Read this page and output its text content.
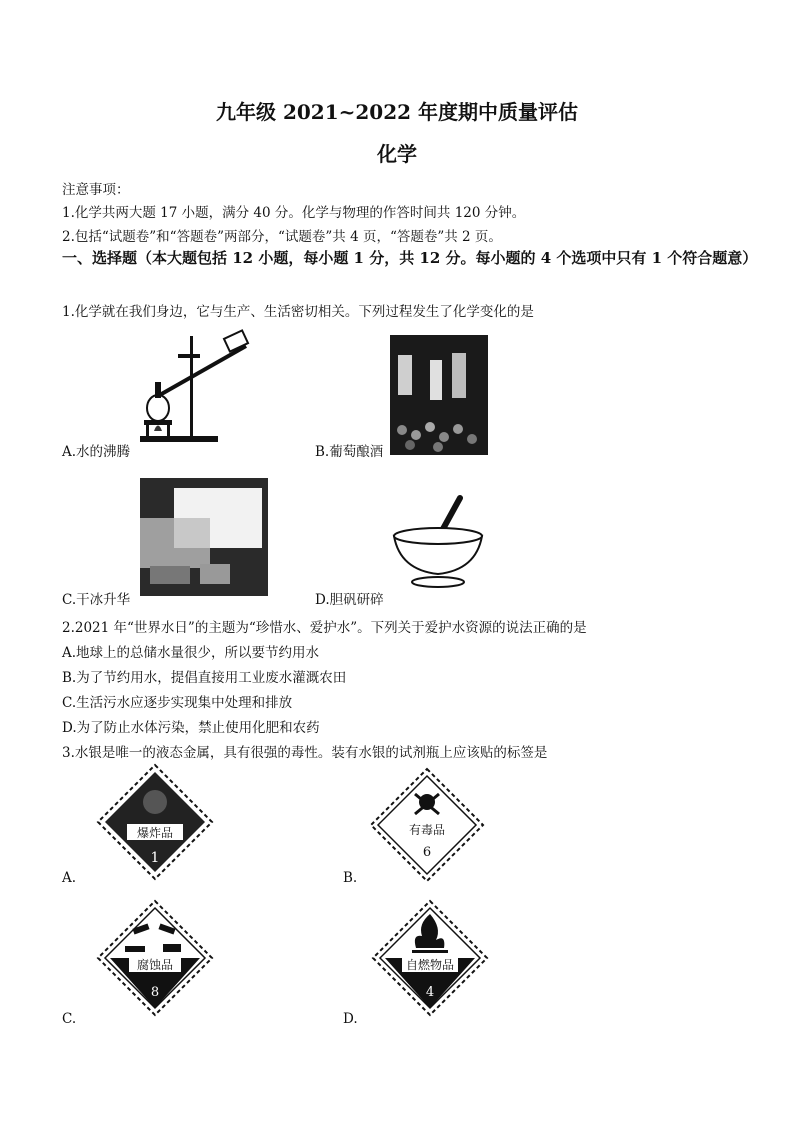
九年级 2021~2022 年度期中质量评估
化学
注意事项：
1.化学共两大题 17 小题，满分 40 分。化学与物理的作答时间共 120 分钟。
2.包括“试题卷”和“答题卷”两部分，“试题卷”共 4 页，“答题卷”共 2 页。
一、选择题（本大题包括 12 小题，每小题 1 分，共 12 分。每小题的 4 个选项中只有 1 个符合题意）
1.化学就在我们身边，它与生产、生活密切相关。下列过程发生了化学变化的是
A.水的沸腾	B.葡萄酿酒
C.干冰升华	D.胆矾研碎
2.2021 年“世界水日”的主题为“珍惜水、爱护水”。下列关于爱护水资源的说法正确的是
A.地球上的总储水量很少，所以要节约用水
B.为了节约用水，提倡直接用工业废水灌溉农田
C.生活污水应逐步实现集中处理和排放
D.为了防止水体污染，禁止使用化肥和农药
3.水银是唯一的液态金属，具有很强的毒性。装有水银的试剂瓶上应该贴的标签是
爆炸品
1
A.
有毒品
6
B.
腐蚀品
8
C.
自燃物品
4
D.
